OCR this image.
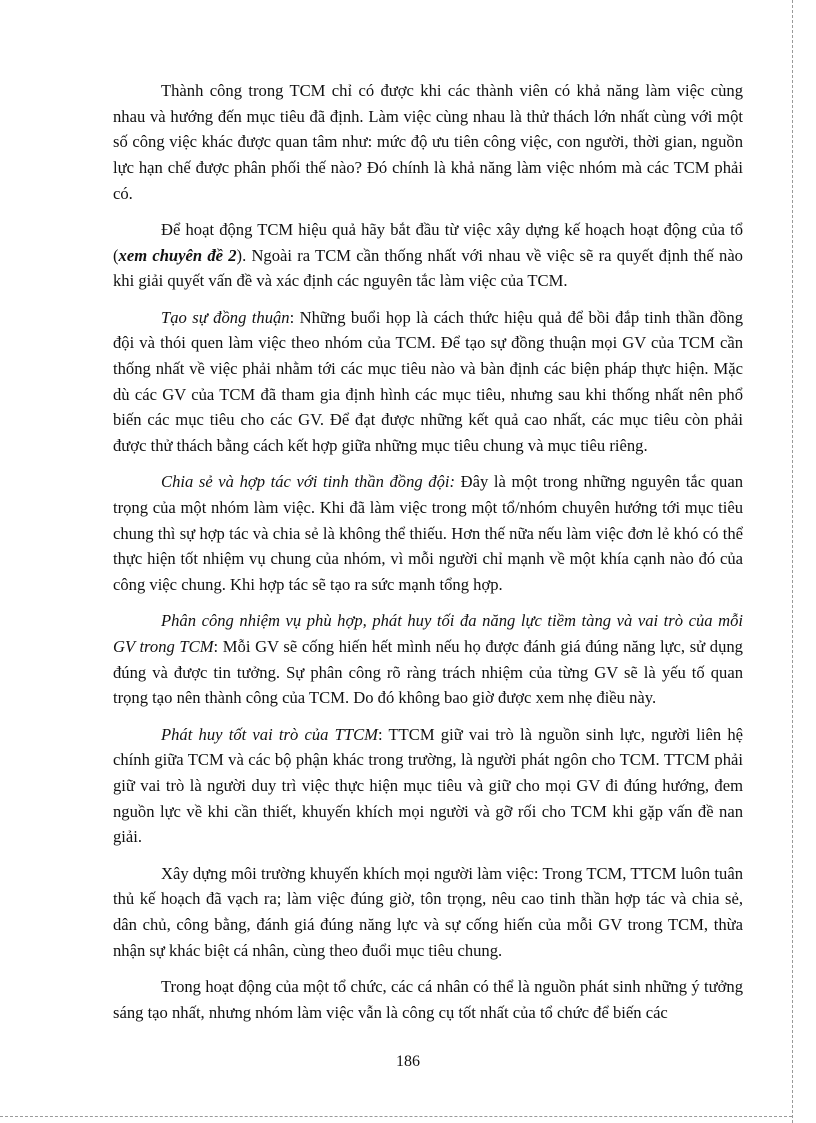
Thành công trong TCM chỉ có được khi các thành viên có khả năng làm việc cùng nhau và hướng đến mục tiêu đã định. Làm việc cùng nhau là thử thách lớn nhất cùng với một số công việc khác được quan tâm như: mức độ ưu tiên công việc, con người, thời gian, nguồn lực hạn chế được phân phối thế nào? Đó chính là khả năng làm việc nhóm mà các TCM phải có.

Để hoạt động TCM hiệu quả hãy bắt đầu từ việc xây dựng kế hoạch hoạt động của tổ (xem chuyên đề 2). Ngoài ra TCM cần thống nhất với nhau về việc sẽ ra quyết định thế nào khi giải quyết vấn đề và xác định các nguyên tắc làm việc của TCM.

Tạo sự đồng thuận: Những buổi họp là cách thức hiệu quả để bồi đắp tinh thần đồng đội và thói quen làm việc theo nhóm của TCM. Để tạo sự đồng thuận mọi GV của TCM cần thống nhất về việc phải nhằm tới các mục tiêu nào và bàn định các biện pháp thực hiện. Mặc dù các GV của TCM đã tham gia định hình các mục tiêu, nhưng sau khi thống nhất nên phổ biến các mục tiêu cho các GV. Để đạt được những kết quả cao nhất, các mục tiêu còn phải được thử thách bằng cách kết hợp giữa những mục tiêu chung và mục tiêu riêng.

Chia sẻ và hợp tác với tinh thần đồng đội: Đây là một trong những nguyên tắc quan trọng của một nhóm làm việc. Khi đã làm việc trong một tổ/nhóm chuyên hướng tới mục tiêu chung thì sự hợp tác và chia sẻ là không thể thiếu. Hơn thế nữa nếu làm việc đơn lẻ khó có thể thực hiện tốt nhiệm vụ chung của nhóm, vì mỗi người chỉ mạnh về một khía cạnh nào đó của công việc chung. Khi hợp tác sẽ tạo ra sức mạnh tổng hợp.

Phân công nhiệm vụ phù hợp, phát huy tối đa năng lực tiềm tàng và vai trò của mỗi GV trong TCM: Mỗi GV sẽ cống hiến hết mình nếu họ được đánh giá đúng năng lực, sử dụng đúng và được tin tưởng. Sự phân công rõ ràng trách nhiệm của từng GV sẽ là yếu tố quan trọng tạo nên thành công của TCM. Do đó không bao giờ được xem nhẹ điều này.

Phát huy tốt vai trò của TTCM: TTCM giữ vai trò là nguồn sinh lực, người liên hệ chính giữa TCM và các bộ phận khác trong trường, là người phát ngôn cho TCM. TTCM phải giữ vai trò là người duy trì việc thực hiện mục tiêu và giữ cho mọi GV đi đúng hướng, đem nguồn lực về khi cần thiết, khuyến khích mọi người và gỡ rối cho TCM khi gặp vấn đề nan giải.

Xây dựng môi trường khuyến khích mọi người làm việc: Trong TCM, TTCM luôn tuân thủ kế hoạch đã vạch ra; làm việc đúng giờ, tôn trọng, nêu cao tinh thần hợp tác và chia sẻ, dân chủ, công bằng, đánh giá đúng năng lực và sự cống hiến của mỗi GV trong TCM, thừa nhận sự khác biệt cá nhân, cùng theo đuổi mục tiêu chung.

Trong hoạt động của một tổ chức, các cá nhân có thể là nguồn phát sinh những ý tưởng sáng tạo nhất, nhưng nhóm làm việc vẫn là công cụ tốt nhất của tổ chức để biến các

186
